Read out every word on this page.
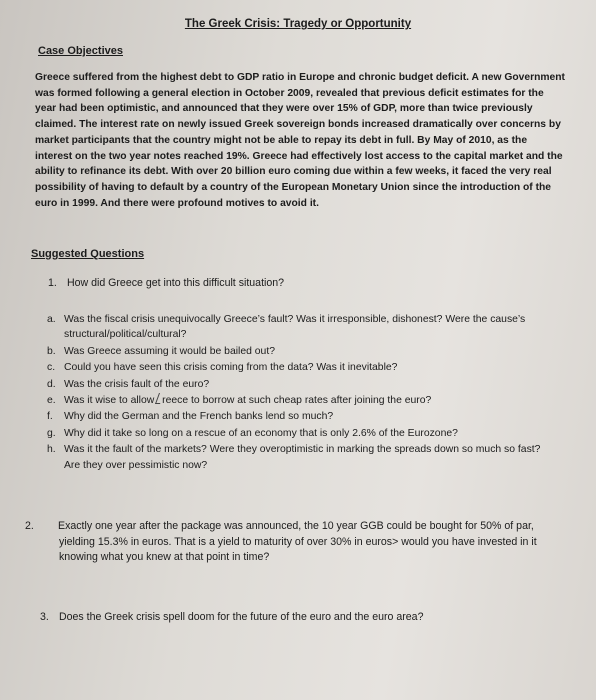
The Greek Crisis: Tragedy or Opportunity
Case Objectives

Greece suffered from the highest debt to GDP ratio in Europe and chronic budget deficit. A new Government was formed following a general election in October 2009, revealed that previous deficit estimates for the year had been optimistic, and announced that they were over 15% of GDP, more than twice previously claimed. The interest rate on newly issued Greek sovereign bonds increased dramatically over concerns by market participants that the country might not be able to repay its debt in full. By May of 2010, as the interest on the two year notes reached 19%. Greece had effectively lost access to the capital market and the ability to refinance its debt. With over 20 billion euro coming due within a few weeks, it faced the very real possibility of having to default by a country of the European Monetary Union since the introduction of the euro in 1999. And there were profound motives to avoid it.

Suggested Questions

1. How did Greece get into this difficult situation?

a. Was the fiscal crisis unequivocally Greece’s fault? Was it irresponsible, dishonest? Were the cause’s structural/political/cultural?
b. Was Greece assuming it would be bailed out?
c. Could you have seen this crisis coming from the data? Was it inevitable?
d. Was the crisis fault of the euro?
e. Was it wise to allow reece to borrow at such cheap rates after joining the euro?
f. Why did the German and the French banks lend so much?
g. Why did it take so long on a rescue of an economy that is only 2.6% of the Eurozone?
h. Was it the fault of the markets? Were they overoptimistic in marking the spreads down so much so fast? Are they over pessimistic now?

2. Exactly one year after the package was announced, the 10 year GGB could be bought for 50% of par, yielding 15.3% in euros. That is a yield to maturity of over 30% in euros> would you have invested in it knowing what you knew at that point in time?

3. Does the Greek crisis spell doom for the future of the euro and the euro area?
